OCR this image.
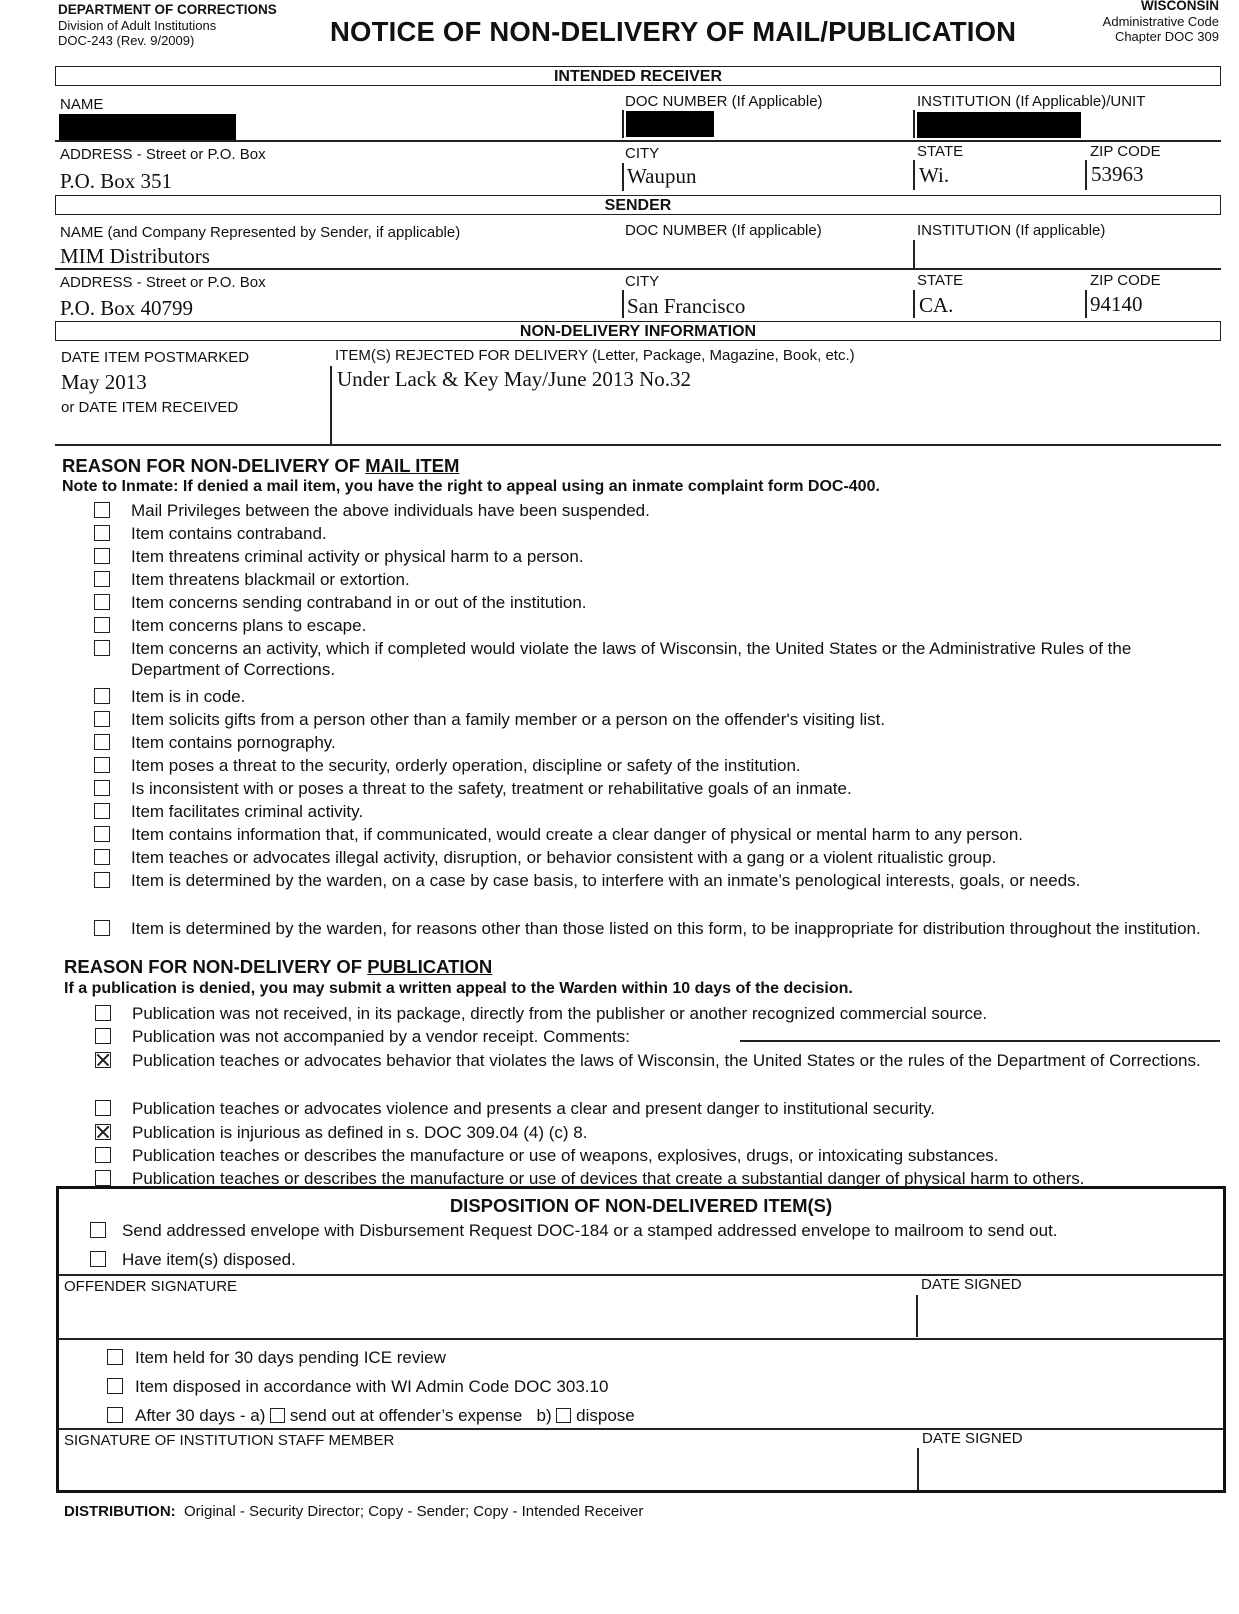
DEPARTMENT OF CORRECTIONS
Division of Adult Institutions
DOC-243 (Rev. 9/2009)	NOTICE OF NON-DELIVERY OF MAIL/PUBLICATION
WISCONSIN
Administrative Code
Chapter DOC 309
INTENDED RECEIVER
NAME	DOC NUMBER (If Applicable)	INSTITUTION (If Applicable)/UNIT
ADDRESS - Street or P.O. Box
P.O. Box 351
CITY
Waupun
STATE
Wi.
ZIP CODE
53963
SENDER
NAME (and Company Represented by Sender, if applicable)
MIM Distributors
DOC NUMBER (If applicable)	INSTITUTION (If applicable)
ADDRESS - Street or P.O. Box
P.O. Box 40799
CITY
San Francisco
STATE
CA.
ZIP CODE
94140
NON-DELIVERY INFORMATION
DATE ITEM POSTMARKED
May 2013
or DATE ITEM RECEIVED
ITEM(S) REJECTED FOR DELIVERY (Letter, Package, Magazine, Book, etc.)
Under Lack & Key May/June 2013 No.32
REASON FOR NON-DELIVERY OF MAIL ITEM
Note to Inmate: If denied a mail item, you have the right to appeal using an inmate complaint form DOC-400.
Mail Privileges between the above individuals have been suspended.
Item contains contraband.
Item threatens criminal activity or physical harm to a person.
Item threatens blackmail or extortion.
Item concerns sending contraband in or out of the institution.
Item concerns plans to escape.
Item concerns an activity, which if completed would violate the laws of Wisconsin, the United States or the Administrative Rules of the Department of Corrections.
Item is in code.
Item solicits gifts from a person other than a family member or a person on the offender's visiting list.
Item contains pornography.
Item poses a threat to the security, orderly operation, discipline or safety of the institution.
Is inconsistent with or poses a threat to the safety, treatment or rehabilitative goals of an inmate.
Item facilitates criminal activity.
Item contains information that, if communicated, would create a clear danger of physical or mental harm to any person.
Item teaches or advocates illegal activity, disruption, or behavior consistent with a gang or a violent ritualistic group.
Item is determined by the warden, on a case by case basis, to interfere with an inmate’s penological interests, goals, or needs.
Item is determined by the warden, for reasons other than those listed on this form, to be inappropriate for distribution throughout the institution.
REASON FOR NON-DELIVERY OF PUBLICATION
If a publication is denied, you may submit a written appeal to the Warden within 10 days of the decision.
Publication was not received, in its package, directly from the publisher or another recognized commercial source.
Publication was not accompanied by a vendor receipt. Comments:
Publication teaches or advocates behavior that violates the laws of Wisconsin, the United States or the rules of the Department of Corrections.
Publication teaches or advocates violence and presents a clear and present danger to institutional security.
Publication is injurious as defined in s. DOC 309.04 (4) (c) 8.
Publication teaches or describes the manufacture or use of weapons, explosives, drugs, or intoxicating substances.
Publication teaches or describes the manufacture or use of devices that create a substantial danger of physical harm to others.
DISPOSITION OF NON-DELIVERED ITEM(S)
Send addressed envelope with Disbursement Request DOC-184 or a stamped addressed envelope to mailroom to send out.
Have item(s) disposed.
OFFENDER SIGNATURE	DATE SIGNED
Item held for 30 days pending ICE review
Item disposed in accordance with WI Admin Code DOC 303.10
After 30 days - a) send out at offender’s expense b) dispose
SIGNATURE OF INSTITUTION STAFF MEMBER	DATE SIGNED
DISTRIBUTION: Original - Security Director; Copy - Sender; Copy - Intended Receiver
